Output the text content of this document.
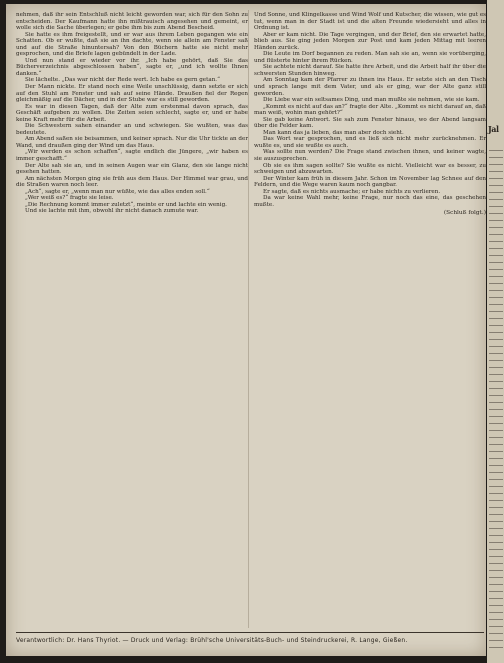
nehmen, daß ihr sein Entschluß nicht leicht geworden war, sich für den Sohn zu entscheiden. Der Kaufmann hatte ihn mißtrauisch angesehen und gemeint, er wolle sich die Sache überlegen; er gebe ihm bis zum Abend Bescheid.

Sie hatte es ihm freigestellt, und er war aus ihrem Leben gegangen wie ein Schatten. Ob er wußte, daß sie an ihn dachte, wenn sie allein am Fenster saß und auf die Straße hinuntersah? Von den Büchern hatte sie nicht mehr gesprochen, und die Briefe lagen gebündelt in der Lade.

Und nun stand er wieder vor ihr. „Ich habe gehört, daß Sie das Bücherverzeichnis abgeschlossen haben“, sagte er, „und ich wollte Ihnen danken.“

Sie lächelte. „Das war nicht der Rede wert. Ich habe es gern getan.“

Der Mann nickte. Er stand noch eine Weile unschlüssig, dann setzte er sich auf den Stuhl am Fenster und sah auf seine Hände. Draußen fiel der Regen gleichmäßig auf die Dächer, und in der Stube war es still geworden.

Es war in diesen Tagen, daß der Alte zum erstenmal davon sprach, das Geschäft aufgeben zu wollen. Die Zeiten seien schlecht, sagte er, und er habe keine Kraft mehr für die Arbeit.

Die Schwestern sahen einander an und schwiegen. Sie wußten, was das bedeutete.

Am Abend saßen sie beisammen, und keiner sprach. Nur die Uhr tickte an der Wand, und draußen ging der Wind um das Haus.

„Wir werden es schon schaffen“, sagte endlich die Jüngere, „wir haben es immer geschafft.“

Der Alte sah sie an, und in seinen Augen war ein Glanz, den sie lange nicht gesehen hatten.

Am nächsten Morgen ging sie früh aus dem Haus. Der Himmel war grau, und die Straßen waren noch leer.

„Ach“, sagte er, „wenn man nur wüßte, wie das alles enden soll.“

„Wer weiß es?“ fragte sie leise.

„Die Rechnung kommt immer zuletzt“, meinte er und lachte ein wenig.

Und sie lachte mit ihm, obwohl ihr nicht danach zumute war.

Und Sonne, und Klingelkasse und Wind Wolf und Kutscher, die wissen, wie gut es tut, wenn man in der Stadt ist und die alten Freunde wiedersieht und alles in Ordnung ist.

Aber er kam nicht. Die Tage vergingen, und der Brief, den sie erwartet hatte, blieb aus. Sie ging jeden Morgen zur Post und kam jeden Mittag mit leeren Händen zurück.

Die Leute im Dorf begannen zu reden. Man sah sie an, wenn sie vorüberging, und flüsterte hinter ihrem Rücken.

Sie achtete nicht darauf. Sie hatte ihre Arbeit, und die Arbeit half ihr über die schwersten Stunden hinweg.

Am Sonntag kam der Pfarrer zu ihnen ins Haus. Er setzte sich an den Tisch und sprach lange mit dem Vater, und als er ging, war der Alte ganz still geworden.

Die Liebe war ein seltsames Ding, und man mußte sie nehmen, wie sie kam.

„Kommt es nicht auf das an?“ fragte der Alte. „Kommt es nicht darauf an, daß man weiß, wohin man gehört?“

Sie gab keine Antwort. Sie sah zum Fenster hinaus, wo der Abend langsam über die Felder kam.

Man kann das ja lieben, das man aber doch sieht.

Das Wort war gesprochen, und es ließ sich nicht mehr zurücknehmen. Er wußte es, und sie wußte es auch.

Was sollte nun werden? Die Frage stand zwischen ihnen, und keiner wagte, sie auszusprechen.

Ob sie es ihm sagen sollte? Sie wußte es nicht. Vielleicht war es besser, zu schweigen und abzuwarten.

Der Winter kam früh in diesem Jahr. Schon im November lag Schnee auf den Feldern, und die Wege waren kaum noch gangbar.

Er sagte, daß es nichts ausmache; er habe nichts zu verlieren.

Da war keine Wahl mehr, keine Frage, nur noch das eine, das geschehen mußte.

(Schluß folgt.)
Verantwortlich: Dr. Hans Thyriot. — Druck und Verlag: Brühl'sche Universitäts-Buch- und Steindruckerei, R. Lange, Gießen.
Jal
